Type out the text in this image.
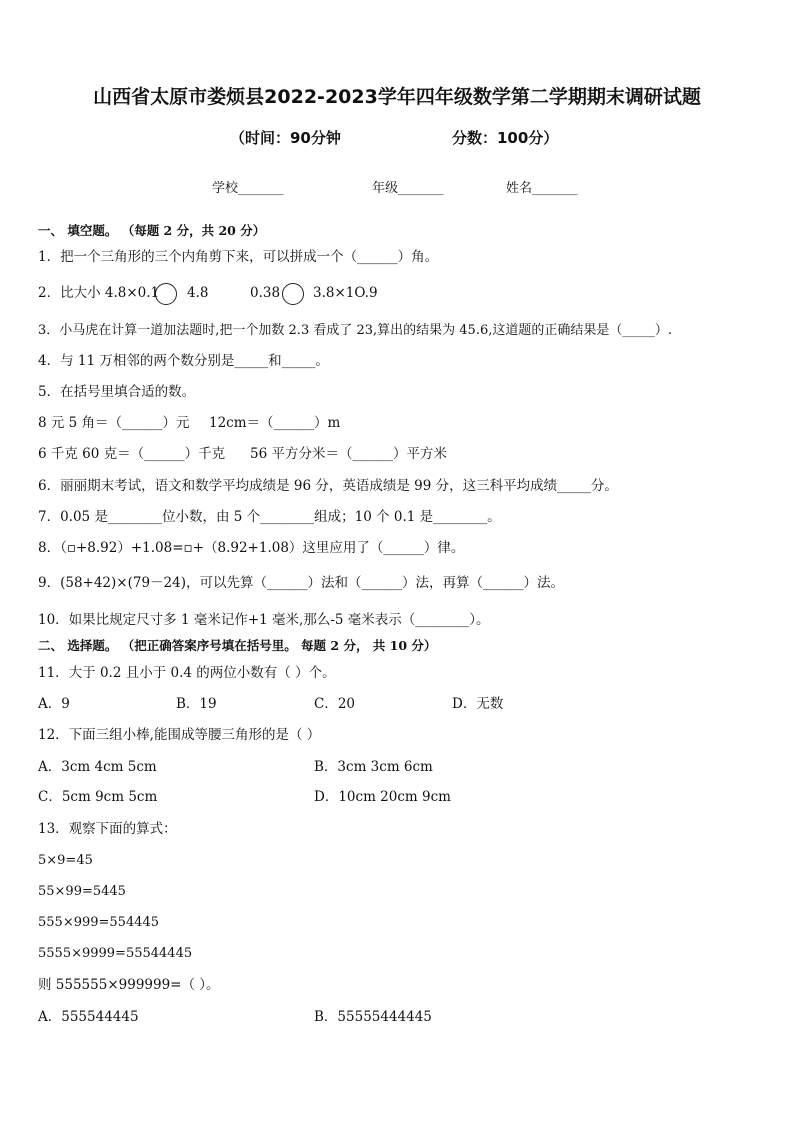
山西省太原市娄烦县2022-2023学年四年级数学第二学期期末调研试题
（时间：90分钟	分数：100分）
学校_______	年级_______	姓名_______
一、 填空题。 （每题 2 分，共 20 分）
1．把一个三角形的三个内角剪下来，可以拼成一个（______）角。
2．比大小 4.8×0.1 4.8	0.38 3.8×1O.9
3．小马虎在计算一道加法题时,把一个加数 2.3 看成了 23,算出的结果为 45.6,这道题的正确结果是（_____）.
4．与 11 万相邻的两个数分别是_____和_____。
5．在括号里填合适的数。
8 元 5 角＝（______）元 12cm＝（______）m
6 千克 60 克＝（______）千克 56 平方分米＝（______）平方米
6．丽丽期末考试，语文和数学平均成绩是 96 分，英语成绩是 99 分，这三科平均成绩_____分。
7．0.05 是________位小数，由 5 个________组成；10 个 0.1 是________。
8．（▫+8.92）+1.08=▫+（8.92+1.08）这里应用了（______）律。
9．(58+42)×(79－24)，可以先算（______）法和（______）法，再算（______）法。
10．如果比规定尺寸多 1 毫米记作+1 毫米,那么-5 毫米表示（________）。
二、 选择题。 （把正确答案序号填在括号里。 每题 2 分， 共 10 分）
11．大于 0.2 且小于 0.4 的两位小数有（ ）个。
A．9	B．19	C．20	D．无数
12．下面三组小棒,能围成等腰三角形的是（ ）
A．3cm 4cm 5cm	B．3cm 3cm 6cm
C．5cm 9cm 5cm	D．10cm 20cm 9cm
13．观察下面的算式：
5×9=45
55×99=5445
555×999=554445
5555×9999=55544445
则 555555×999999=（ ）。
A．555544445	B．55555444445
